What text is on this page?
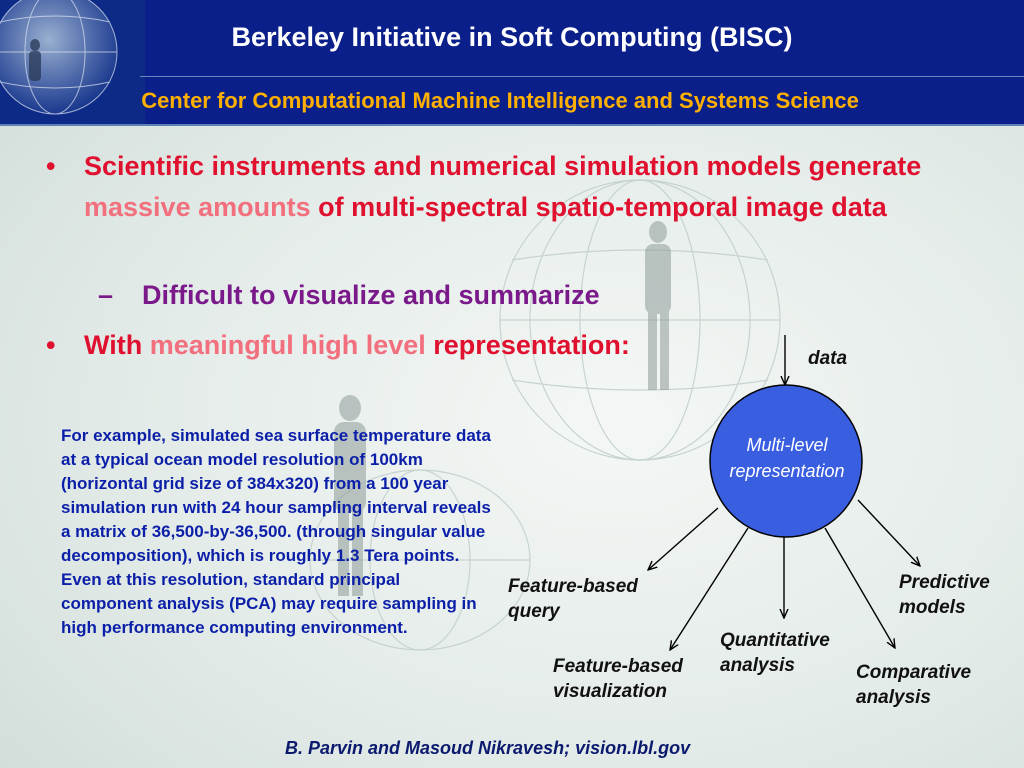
Berkeley Initiative in Soft Computing (BISC)
Center for Computational Machine Intelligence and Systems Science
• Scientific instruments and numerical simulation models generate massive amounts of multi-spectral spatio-temporal image data
– Difficult to visualize and summarize
• With meaningful high level representation:
For example, simulated sea surface temperature data at a typical ocean model resolution of 100km (horizontal grid size of 384x320) from a 100 year simulation run with 24 hour sampling interval reveals a matrix of 36,500-by-36,500. (through singular value decomposition), which is roughly 1.3 Tera points. Even at this resolution, standard principal component analysis (PCA) may require sampling in high performance computing environment.
Multi-level
representation
data
Feature-based
query
Feature-based
visualization
Quantitative
analysis	Comparative
analysis
Predictive
models
B. Parvin and Masoud Nikravesh; vision.lbl.gov
